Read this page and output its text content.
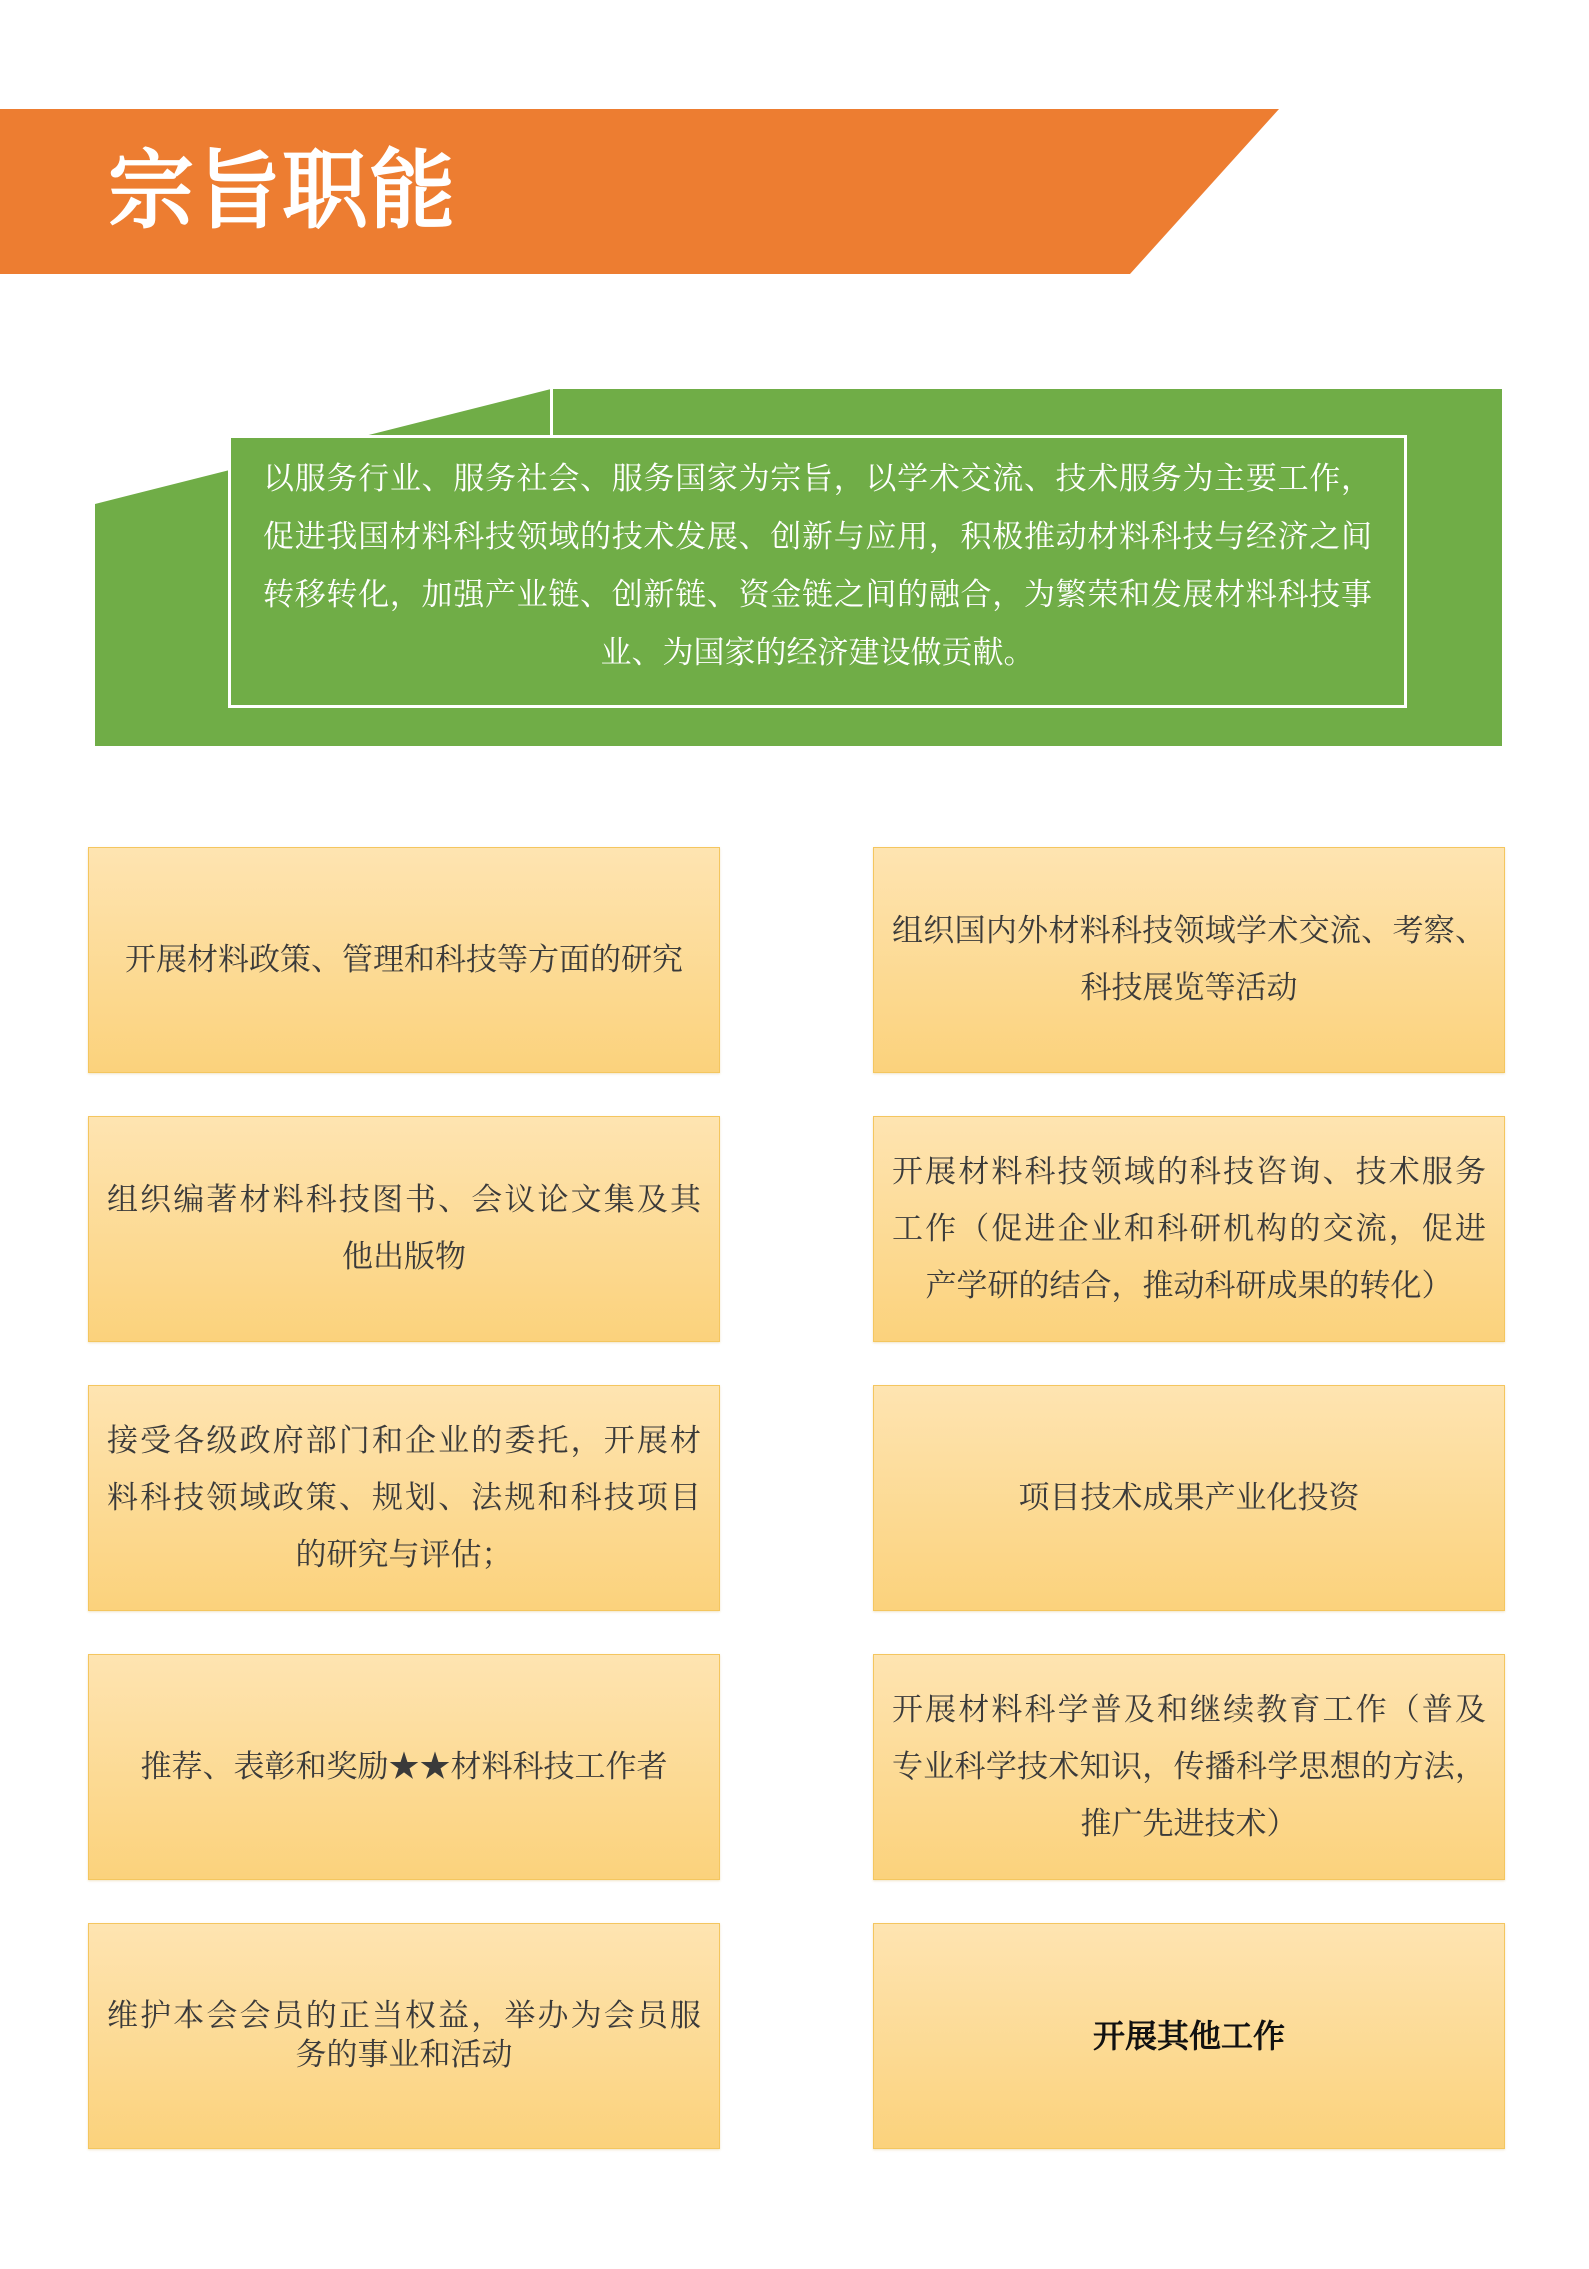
宗旨职能
以服务行业、服务社会、服务国家为宗旨，以学术交流、技术服务为主要工作，
促进我国材料科技领域的技术发展、创新与应用，积极推动材料科技与经济之间
转移转化，加强产业链、创新链、资金链之间的融合，为繁荣和发展材料科技事
业、为国家的经济建设做贡献。
开展材料政策、管理和科技等方面的研究
组织国内外材料科技领域学术交流、考察、
科技展览等活动
组织编著材料科技图书、会议论文集及其
他出版物
开展材料科技领域的科技咨询、技术服务
工作（促进企业和科研机构的交流，促进
产学研的结合，推动科研成果的转化）
接受各级政府部门和企业的委托，开展材
料科技领域政策、规划、法规和科技项目
的研究与评估；
项目技术成果产业化投资
推荐、表彰和奖励★★材料科技工作者
开展材料科学普及和继续教育工作（普及
专业科学技术知识，传播科学思想的方法，
推广先进技术）
维护本会会员的正当权益，举办为会员服
务的事业和活动
开展其他工作
